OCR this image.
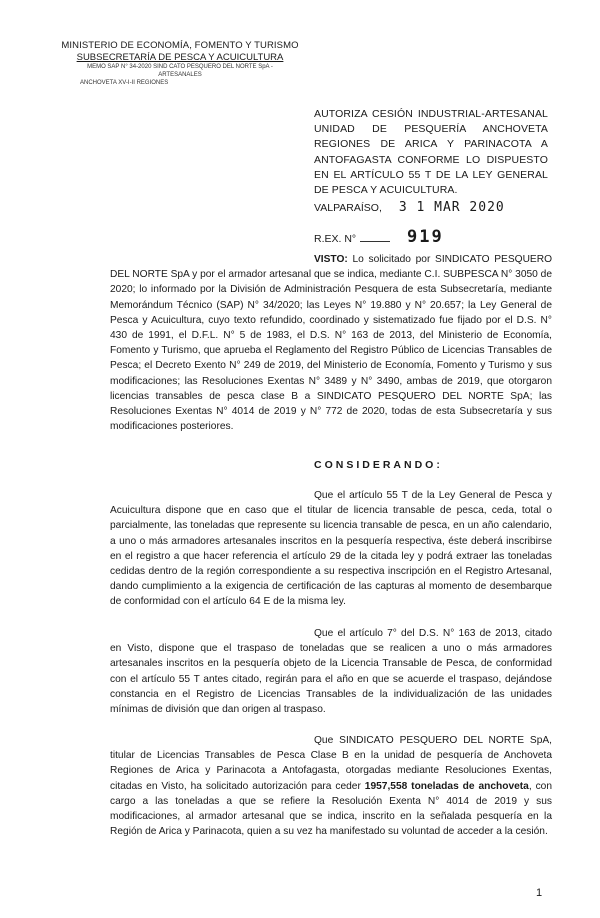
MINISTERIO DE ECONOMÍA, FOMENTO Y TURISMO
SUBSECRETARÍA DE PESCA Y ACUICULTURA
MEMO SAP N° 34-2020 SIND CATO PESQUERO DEL NORTE SpA -
ARTESANALES
ANCHOVETA XV-I-II REGIONES
AUTORIZA CESIÓN INDUSTRIAL-ARTESANAL UNIDAD DE PESQUERÍA ANCHOVETA REGIONES DE ARICA Y PARINACOTA A ANTOFAGASTA CONFORME LO DISPUESTO EN EL ARTÍCULO 55 T DE LA LEY GENERAL DE PESCA Y ACUICULTURA.
VALPARAÍSO, 3 1 MAR 2020
R.EX. N°	919
VISTO: Lo solicitado por SINDICATO PESQUERO DEL NORTE SpA y por el armador artesanal que se indica, mediante C.I. SUBPESCA N° 3050 de 2020; lo informado por la División de Administración Pesquera de esta Subsecretaría, mediante Memorándum Técnico (SAP) N° 34/2020; las Leyes N° 19.880 y N° 20.657; la Ley General de Pesca y Acuicultura, cuyo texto refundido, coordinado y sistematizado fue fijado por el D.S. N° 430 de 1991, el D.F.L. N° 5 de 1983, el D.S. N° 163 de 2013, del Ministerio de Economía, Fomento y Turismo, que aprueba el Reglamento del Registro Público de Licencias Transables de Pesca; el Decreto Exento N° 249 de 2019, del Ministerio de Economía, Fomento y Turismo y sus modificaciones; las Resoluciones Exentas N° 3489 y N° 3490, ambas de 2019, que otorgaron licencias transables de pesca clase B a SINDICATO PESQUERO DEL NORTE SpA; las Resoluciones Exentas N° 4014 de 2019 y N° 772 de 2020, todas de esta Subsecretaría y sus modificaciones posteriores.
CONSIDERANDO:
Que el artículo 55 T de la Ley General de Pesca y Acuicultura dispone que en caso que el titular de licencia transable de pesca, ceda, total o parcialmente, las toneladas que represente su licencia transable de pesca, en un año calendario, a uno o más armadores artesanales inscritos en la pesquería respectiva, éste deberá inscribirse en el registro a que hacer referencia el artículo 29 de la citada ley y podrá extraer las toneladas cedidas dentro de la región correspondiente a su respectiva inscripción en el Registro Artesanal, dando cumplimiento a la exigencia de certificación de las capturas al momento de desembarque de conformidad con el artículo 64 E de la misma ley.
Que el artículo 7° del D.S. N° 163 de 2013, citado en Visto, dispone que el traspaso de toneladas que se realicen a uno o más armadores artesanales inscritos en la pesquería objeto de la Licencia Transable de Pesca, de conformidad con el artículo 55 T antes citado, regirán para el año en que se acuerde el traspaso, dejándose constancia en el Registro de Licencias Transables de la individualización de las unidades mínimas de división que dan origen al traspaso.
Que SINDICATO PESQUERO DEL NORTE SpA, titular de Licencias Transables de Pesca Clase B en la unidad de pesquería de Anchoveta Regiones de Arica y Parinacota a Antofagasta, otorgadas mediante Resoluciones Exentas, citadas en Visto, ha solicitado autorización para ceder 1957,558 toneladas de anchoveta, con cargo a las toneladas a que se refiere la Resolución Exenta N° 4014 de 2019 y sus modificaciones, al armador artesanal que se indica, inscrito en la señalada pesquería en la Región de Arica y Parinacota, quien a su vez ha manifestado su voluntad de acceder a la cesión.
1
